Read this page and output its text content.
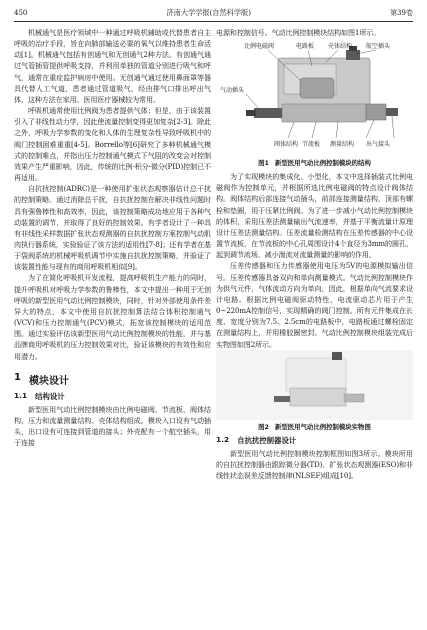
450	济南大学学报(自然科学版)	第39卷

机械通气是医疗领域中一种通过呼吸机辅助或代替患者自主呼吸的治疗手段，旨在向肺部输送必要的氧气以维持患者生命活动[1]。机械通气包括有创通气和无创通气2种方法。有创通气通过气管插管提供呼吸支持，并利用单独的管道分别进行吸气和呼气，通常在重症监护病房中使用。无创通气通过使用鼻面罩等器具代替人工气道，患者通过管道吸气，经由排气口排出呼出气体，这种方法在家用、医用医疗器械较为常用。

呼吸机通常使用比例阀为患者提供气体；但是，由于该装置引入了非线性动力学，因此使流量控制变得更加复杂[2-3]。除此之外，呼吸力学参数的变化和人体的生理复杂性导致呼吸机中的阀门控制困难重重[4-5]。Borrello等[6]研究了多种机械通气模式的控制难点，并指出压力控制通气模式下气阻的改变会对控制效果产生严重影响，因此，传统的比例-积分-微分(PID)控制已不再适用。

自抗扰控制(ADRC)是一种使用扩张状态观察器估计总干扰的控制策略。通过消除总干扰，自抗扰控制在解决非线性问题时具有强鲁棒性和高效率，因此，该控制策略成功地应用于各种气动装置的调节，并取得了良好的控制效果。有学者设计了一种具有非线性采样数据扩张状态观测器的自抗扰控制方案控制气动肌肉执行器系统，实验验证了该方法的适用性[7-8]；还有学者在基于袋阀系统的机械呼吸机调节中实施自抗扰控制策略，并验证了该装置性能与现有的商用呼吸机相似[9]。

为了在简化呼吸机开发流程，提高呼吸机生产能力的同时，提升呼吸机对呼吸力学参数的鲁棒性，本文中提出一种用于无创呼吸的新型医用气动比例控制模块，同时，针对外部使用条件差异大的特点，本文中使用自抗扰控制算法结合体积控制通气(VCV)和压力控制通气(PCV)模式，拓宽该控制模块的适用范围。通过实验评估该新型医用气动比例控制模块的性能，并与基品牌商用呼吸机的压力控制效果对比，验证该模块的有效性和应用潜力。

1 模块设计
1.1 结构设计

新型医用气动比例控制模块由比例电磁阀、节流板、阀体结构、压力和流量测量结构、壳体结构组成。模块入口设有气动插头，出口设有可连接到管道的接头；外壳配有一个航空插头，用于连接

电源和控制信号。气动比例控制模块结构如图1所示。

比例电磁阀	电路板 壳体结构 航空插头
气动插头
阀体结构 节流板 测量结构 出气接头
图1 新型医用气动比例控制模块的结构

为了实现模块的集成化、小型化，本文中选择插装式比例电磁阀作为控制单元，并根据所选比例电磁阀的特点设计阀体结构。阀体结构后部连接气动插头，前部连接测量结构，顶部有螺栓和垫圈，用于压紧比例阀。为了进一步减小气动比例控制模块的体积，采用压差法测量输出气流速率，并基于平衡流量计原理设计压差法测量结构。压差流量检测结构在压差传感器的中心设置节流板，在节流板的中心孔周围设计4个直径为3mm的圆孔，起到调节流场、减小湍流对流量测量的影响的作用。

压差传感器和压力传感器使用电压为5V的电源模拟输出信号。压差传感器具备双向和单向测量模式。气动比例控制模块作为供气元件，气体流动方向为单向，因此，根据单向气流要求设计电路。根据比例电磁阀驱动特性，电流驱动芯片用于产生0~220mA控制信号，实现精确的阀门控制。所有元件集成在长度、宽度分别为7.5、2.5cm的电路板中，电路板通过螺栓固定在测量结构上，并用橡胶圈密封。气动比例控制模块组装完成后实物图如图2所示。

图2 新型医用气动比例控制模块实物图
1.2 自抗扰控制器设计

新型医用气动比例控制模块控制框图如图3所示。模块所用的自抗扰控制器由跟踪微分器(TD)、扩张状态观测器(ESO)和非线性状态误差反馈控制律(NLSEF)组成[10]。
